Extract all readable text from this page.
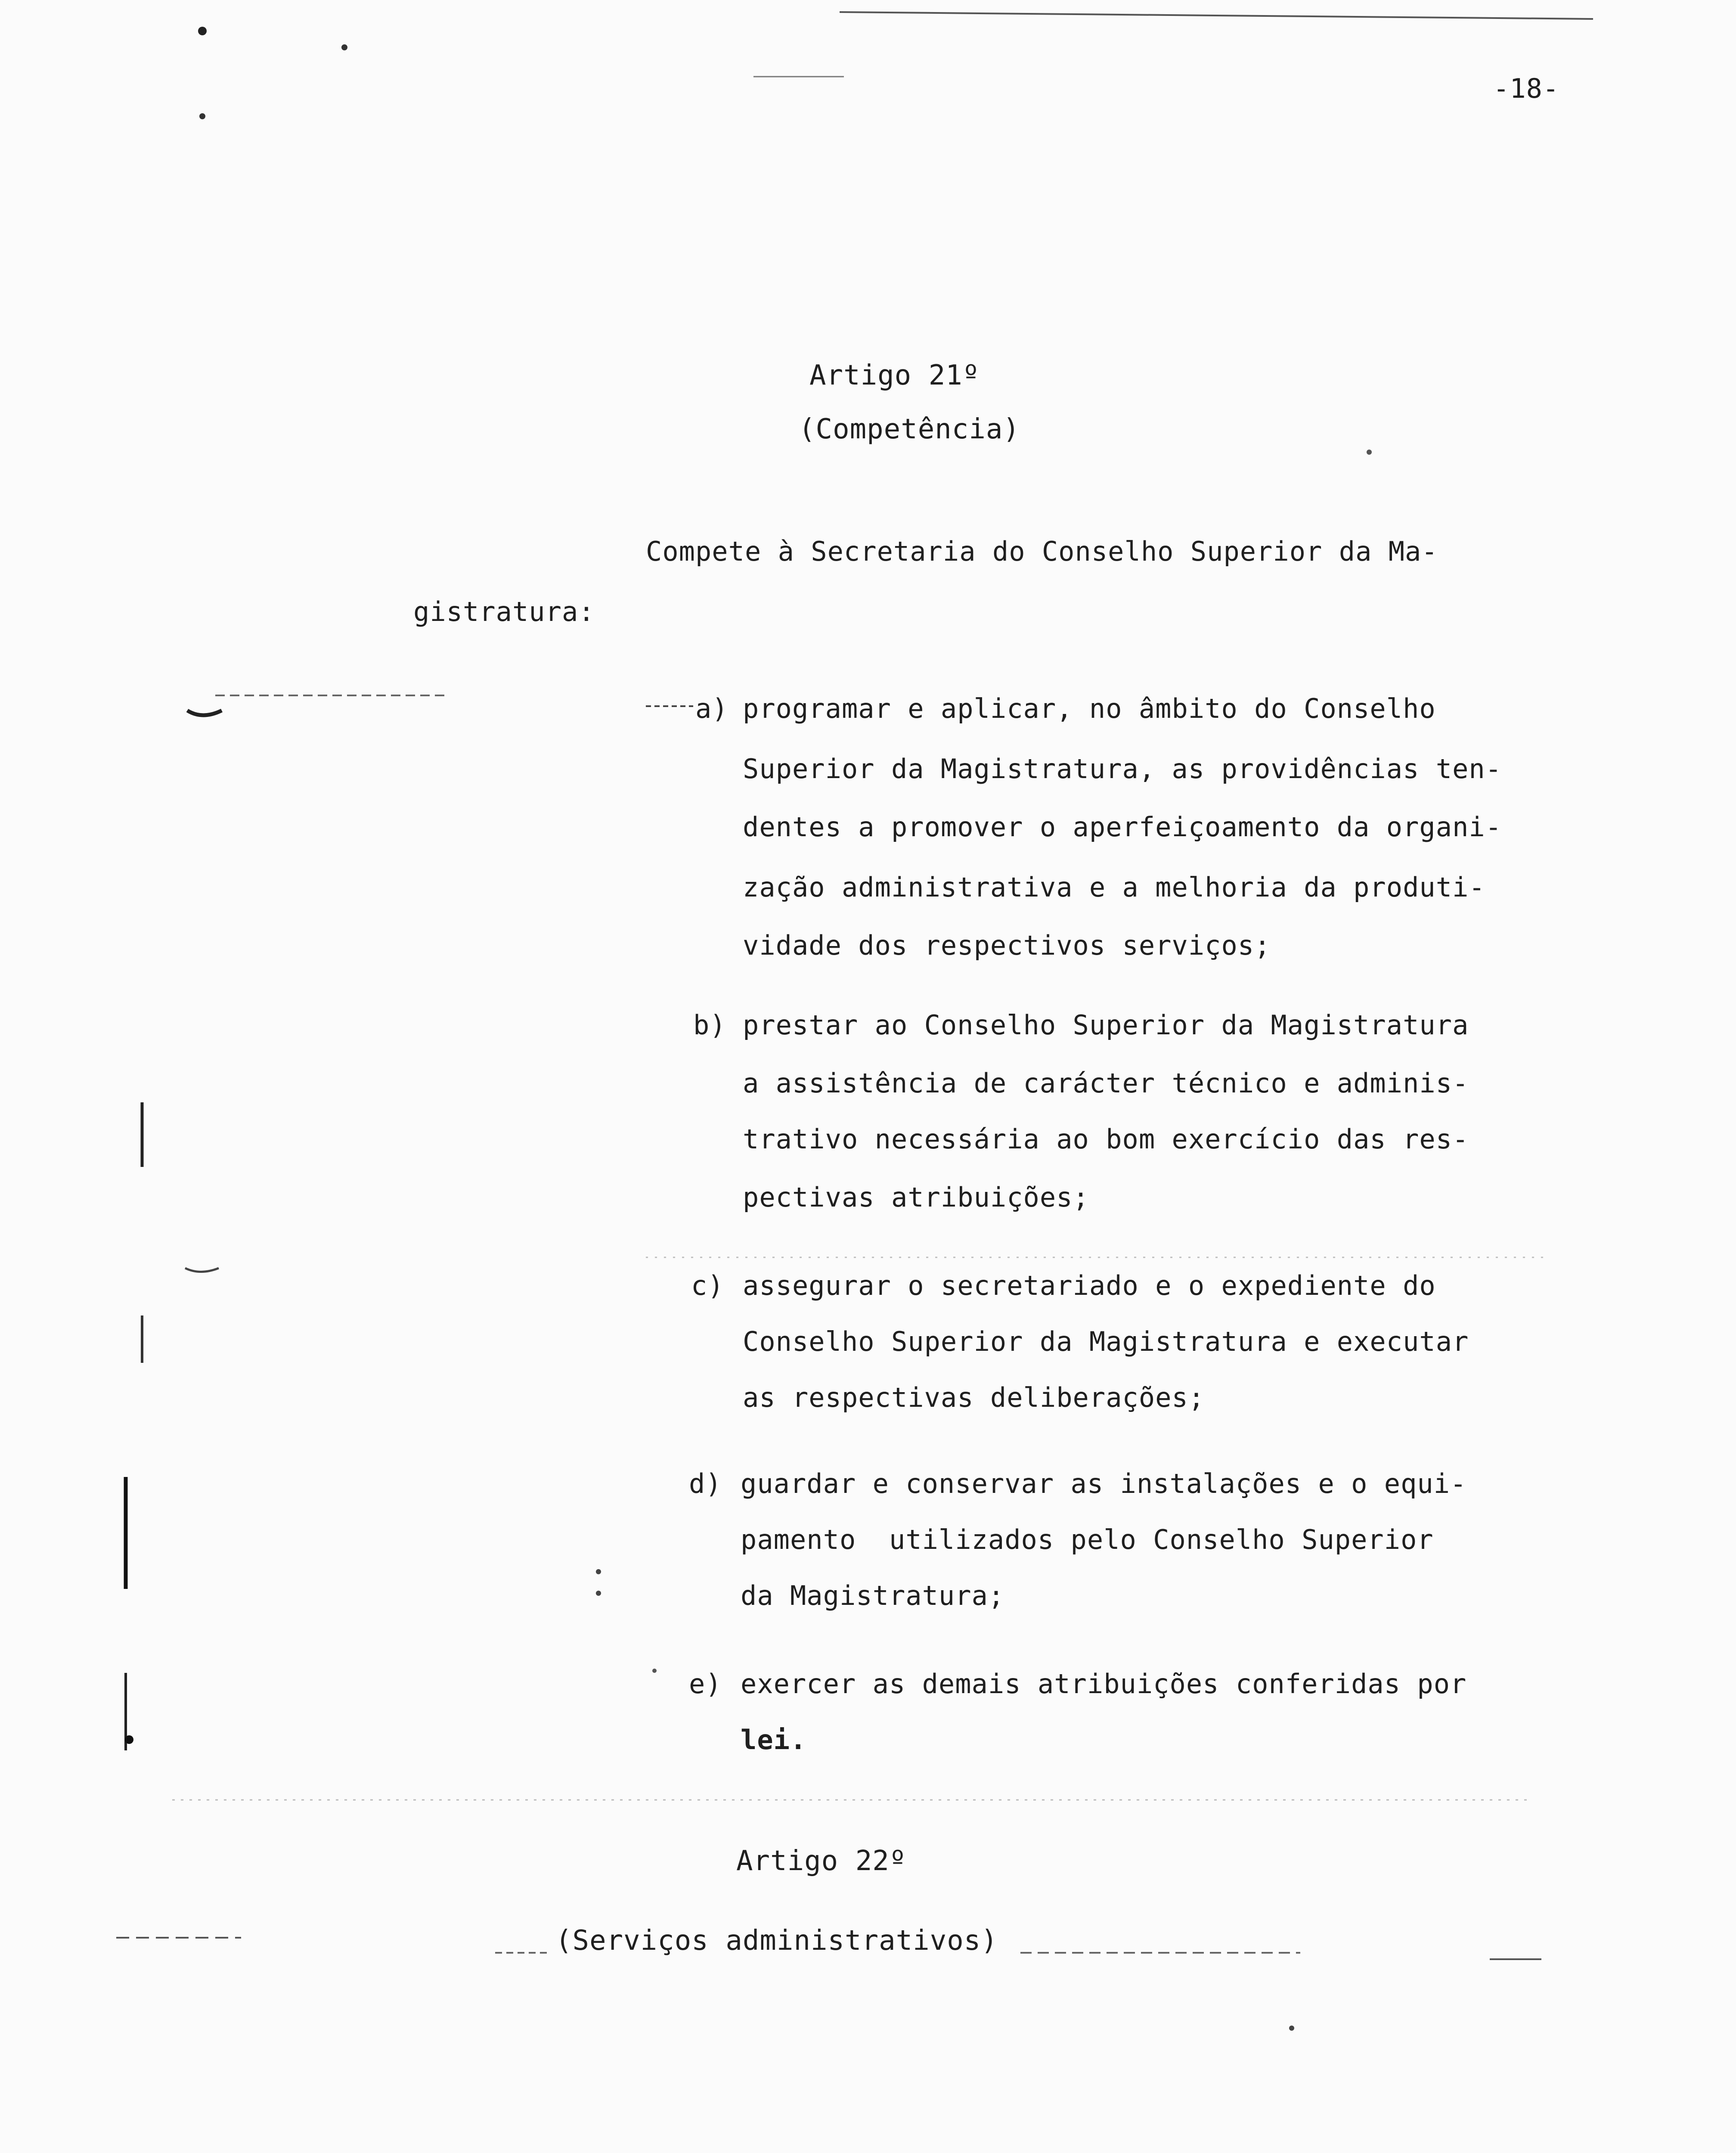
-18-
Artigo 21º
(Competência)
Compete à Secretaria do Conselho Superior da Ma-
gistratura:
a) programar e aplicar, no âmbito do Conselho
Superior da Magistratura, as providências ten-
dentes a promover o aperfeiçoamento da organi-
zação administrativa e a melhoria da produti-
vidade dos respectivos serviços;
b) prestar ao Conselho Superior da Magistratura
a assistência de carácter técnico e adminis-
trativo necessária ao bom exercício das res-
pectivas atribuições;
c) assegurar o secretariado e o expediente do
Conselho Superior da Magistratura e executar
as respectivas deliberações;
d) guardar e conservar as instalações e o equi-
pamento  utilizados pelo Conselho Superior
da Magistratura;
e) exercer as demais atribuições conferidas por
lei.
Artigo 22º
(Serviços administrativos)
